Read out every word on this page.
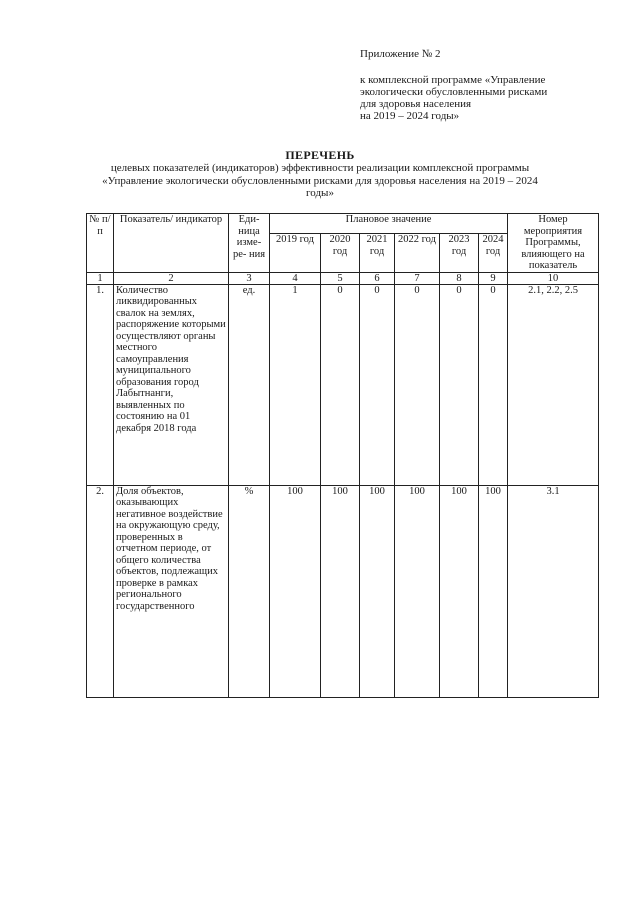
Приложение № 2
к комплексной программе «Управление
экологически обусловленными рисками
для здоровья населения
на 2019 – 2024 годы»
ПЕРЕЧЕНЬ
целевых показателей (индикаторов) эффективности реализации комплексной программы
«Управление экологически обусловленными рисками для здоровья населения на 2019 – 2024
годы»
№ п/п	Показатель/ индикатор	Еди- ница изме- ре- ния	Плановое значение						Номер мероприятия Программы, влияющего на показатель
			2019 год	2020 год	2021 год	2022 год	2023 год	2024 год	
1	2	3	4	5	6	7	8	9	10
1.	Количество ликвидированных свалок на землях, распоряжение которыми осуществляют органы местного самоуправления муниципального образования город Лабытнанги, выявленных по состоянию на 01 декабря 2018 года	ед.	1	0	0	0	0	0	2.1, 2.2, 2.5
2.	Доля объектов, оказывающих негативное воздействие на окружающую среду, проверенных в отчетном периоде, от общего количества объектов, подлежащих проверке в рамках регионального государственного	%	100	100	100	100	100	100	3.1
